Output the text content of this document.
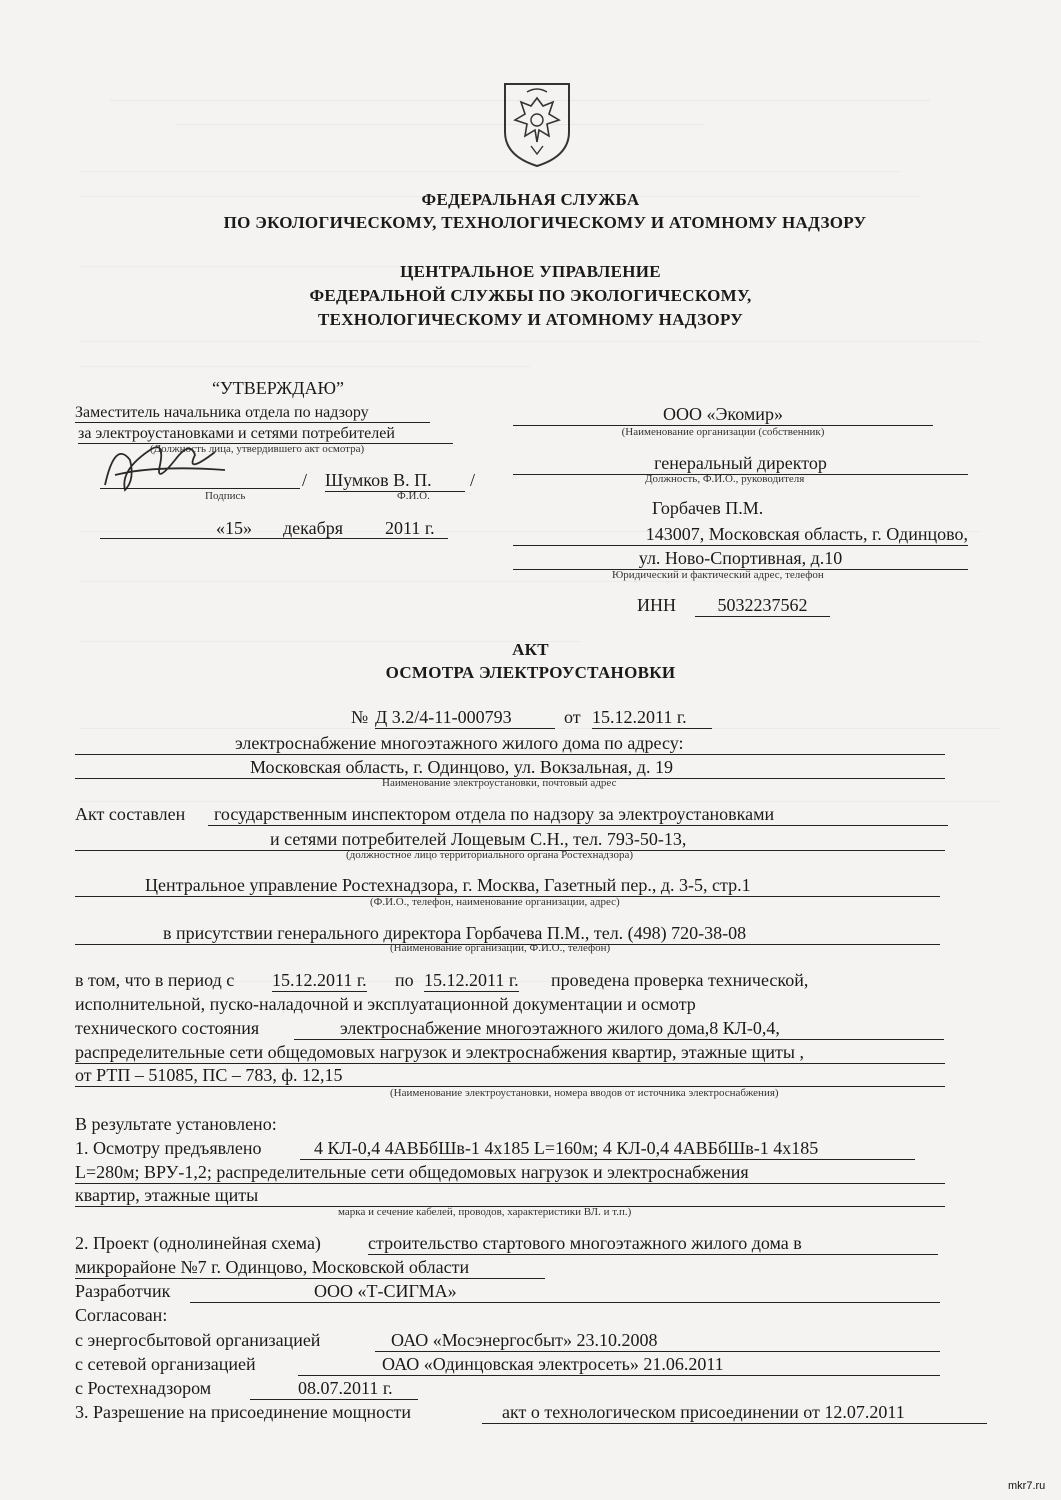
ФЕДЕРАЛЬНАЯ СЛУЖБА
ПО ЭКОЛОГИЧЕСКОМУ, ТЕХНОЛОГИЧЕСКОМУ И АТОМНОМУ НАДЗОРУ
ЦЕНТРАЛЬНОЕ УПРАВЛЕНИЕ
ФЕДЕРАЛЬНОЙ СЛУЖБЫ ПО ЭКОЛОГИЧЕСКОМУ,
ТЕХНОЛОГИЧЕСКОМУ И АТОМНОМУ НАДЗОРУ
“УТВЕРЖДАЮ”
Заместитель начальника отдела по надзору
за электроустановками и сетями потребителей
(Должность лица, утвердившего акт осмотра)
/ Шумков В. П.	/
Подпись	Ф.И.О.
«15» декабря 2011 г.
ООО «Экомир»
(Наименование организации (собственник)
генеральный директор
Должность, Ф.И.О., руководителя
Горбачев П.М.
143007, Московская область, г. Одинцово,
ул. Ново-Спортивная, д.10
Юридический и фактический адрес, телефон
ИНН	5032237562
АКТ
ОСМОТРА ЭЛЕКТРОУСТАНОВКИ
№ Д 3.2/4-11-000793	от 15.12.2011 г.
электроснабжение многоэтажного жилого дома по адресу:
Московская область, г. Одинцово, ул. Вокзальная, д. 19
Наименование электроустановки, почтовый адрес
Акт составлен	государственным инспектором отдела по надзору за электроустановками
и сетями потребителей Лощевым С.Н., тел. 793-50-13,
(должностное лицо территориального органа Ростехнадзора)
Центральное управление Ростехнадзора, г. Москва, Газетный пер., д. 3-5, стр.1
(Ф.И.О., телефон, наименование организации, адрес)
в присутствии генерального директора Горбачева П.М., тел. (498) 720-38-08
(Наименование организации, Ф.И.О., телефон)
в том, что в период с 15.12.2011 г. по 15.12.2011 г. проведена проверка технической,
исполнительной, пуско-наладочной и эксплуатационной документации и осмотр
технического состояния	электроснабжение многоэтажного жилого дома,8 КЛ-0,4,
распределительные сети общедомовых нагрузок и электроснабжения квартир, этажные щиты ,
от РТП – 51085, ПС – 783, ф. 12,15
(Наименование электроустановки, номера вводов от источника электроснабжения)
В результате установлено:
1. Осмотру предъявлено	4 КЛ-0,4 4АВБбШв-1 4х185 L=160м; 4 КЛ-0,4 4АВБбШв-1 4х185
L=280м; ВРУ-1,2; распределительные сети общедомовых нагрузок и электроснабжения
квартир, этажные щиты
марка и сечение кабелей, проводов, характеристики ВЛ. и т.п.)
2. Проект (однолинейная схема)	строительство стартового многоэтажного жилого дома в
микрорайоне №7 г. Одинцово, Московской области
Разработчик	ООО «Т-СИГМА»
Согласован:
с энергосбытовой организацией	ОАО «Мосэнергосбыт» 23.10.2008
с сетевой организацией	ОАО «Одинцовская электросеть» 21.06.2011
с Ростехнадзором	08.07.2011 г.
3. Разрешение на присоединение мощности	акт о технологическом присоединении от 12.07.2011
mkr7.ru
